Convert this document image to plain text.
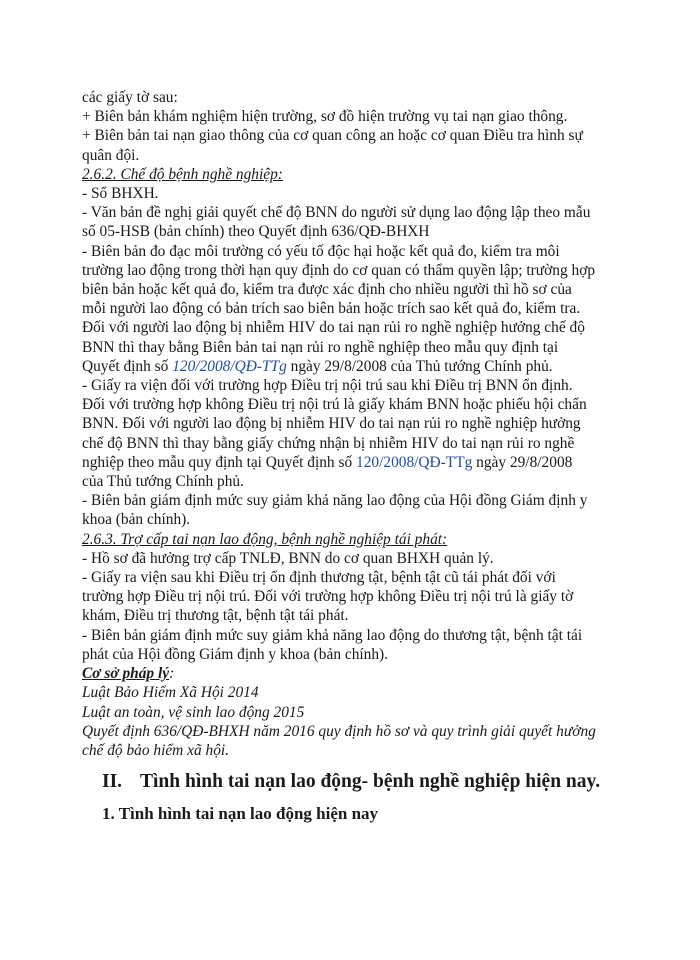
các giấy tờ sau:

+ Biên bản khám nghiệm hiện trường, sơ đồ hiện trường vụ tai nạn giao thông.

+ Biên bản tai nạn giao thông của cơ quan công an hoặc cơ quan Điều tra hình sự

quân đội.

2.6.2. Chế độ bệnh nghề nghiệp:

- Sổ BHXH.

- Văn bản đề nghị giải quyết chế độ BNN do người sử dụng lao động lập theo mẫu

số 05-HSB (bản chính) theo Quyết định 636/QĐ-BHXH

- Biên bản đo đạc môi trường có yếu tố độc hại hoặc kết quả đo, kiểm tra môi

trường lao động trong thời hạn quy định do cơ quan có thẩm quyền lập; trường hợp

biên bản hoặc kết quả đo, kiểm tra được xác định cho nhiều người thì hồ sơ của

mỗi người lao động có bản trích sao biên bản hoặc trích sao kết quả đo, kiểm tra.

Đối với người lao động bị nhiễm HIV do tai nạn rủi ro nghề nghiệp hưởng chế độ

BNN thì thay bằng Biên bản tai nạn rủi ro nghề nghiệp theo mẫu quy định tại

Quyết định số 120/2008/QĐ-TTg ngày 29/8/2008 của Thủ tướng Chính phủ.

- Giấy ra viện đối với trường hợp Điều trị nội trú sau khi Điều trị BNN ổn định.

Đối với trường hợp không Điều trị nội trú là giấy khám BNN hoặc phiếu hội chẩn

BNN. Đối với người lao động bị nhiễm HIV do tai nạn rủi ro nghề nghiệp hưởng

chế độ BNN thì thay bằng giấy chứng nhận bị nhiễm HIV do tai nạn rủi ro nghề

nghiệp theo mẫu quy định tại Quyết định số 120/2008/QĐ-TTg ngày 29/8/2008

của Thủ tướng Chính phủ.

- Biên bản giám định mức suy giảm khả năng lao động của Hội đồng Giám định y

khoa (bản chính).

2.6.3. Trợ cấp tai nạn lao động, bệnh nghề nghiệp tái phát:

- Hồ sơ đã hưởng trợ cấp TNLĐ, BNN do cơ quan BHXH quản lý.

- Giấy ra viện sau khi Điều trị ổn định thương tật, bệnh tật cũ tái phát đối với

trường hợp Điều trị nội trú. Đối với trường hợp không Điều trị nội trú là giấy tờ

khám, Điều trị thương tật, bệnh tật tái phát.

- Biên bản giám định mức suy giảm khả năng lao động do thương tật, bệnh tật tái

phát của Hội đồng Giám định y khoa (bản chính).

Cơ sở pháp lý:

Luật Bảo Hiểm Xã Hội 2014

Luật an toàn, vệ sinh lao động 2015

Quyết định 636/QĐ-BHXH năm 2016 quy định hồ sơ và quy trình giải quyết hưởng

chế độ bảo hiểm xã hội.

II. Tình hình tai nạn lao động- bệnh nghề nghiệp hiện nay.

1. Tình hình tai nạn lao động hiện nay
